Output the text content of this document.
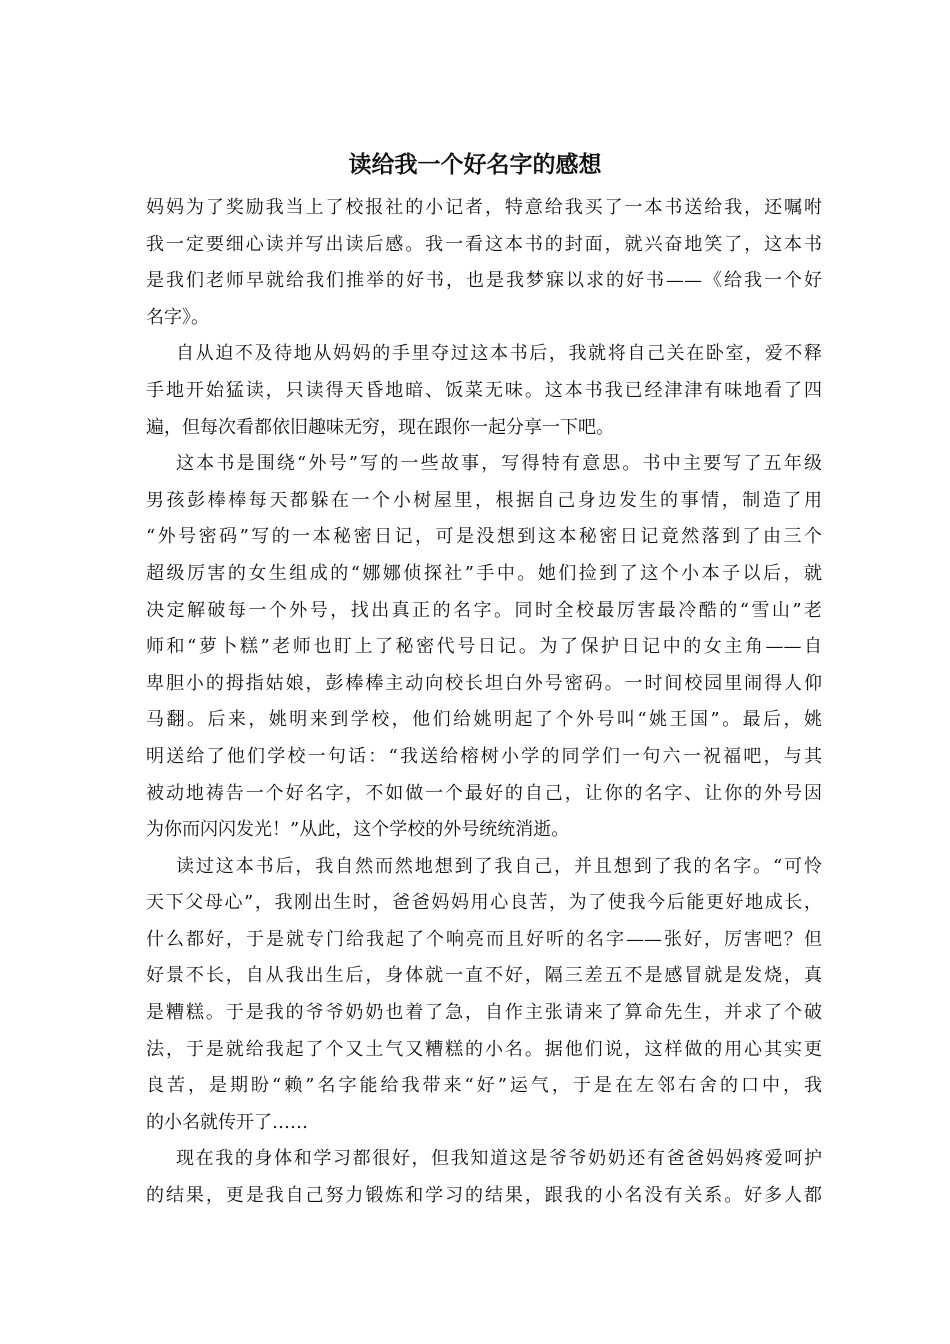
读给我一个好名字的感想
妈妈为了奖励我当上了校报社的小记者，特意给我买了一本书送给我，还嘱咐
我一定要细心读并写出读后感。我一看这本书的封面，就兴奋地笑了，这本书
是我们老师早就给我们推举的好书，也是我梦寐以求的好书——《给我一个好
名字》。
自从迫不及待地从妈妈的手里夺过这本书后，我就将自己关在卧室，爱不释
手地开始猛读，只读得天昏地暗、饭菜无味。这本书我已经津津有味地看了四
遍，但每次看都依旧趣味无穷，现在跟你一起分享一下吧。
这本书是围绕“外号”写的一些故事，写得特有意思。书中主要写了五年级
男孩彭棒棒每天都躲在一个小树屋里，根据自己身边发生的事情，制造了用
“外号密码”写的一本秘密日记，可是没想到这本秘密日记竟然落到了由三个
超级厉害的女生组成的“娜娜侦探社”手中。她们捡到了这个小本子以后，就
决定解破每一个外号，找出真正的名字。同时全校最厉害最冷酷的“雪山”老
师和“萝卜糕”老师也盯上了秘密代号日记。为了保护日记中的女主角——自
卑胆小的拇指姑娘，彭棒棒主动向校长坦白外号密码。一时间校园里闹得人仰
马翻。后来，姚明来到学校，他们给姚明起了个外号叫“姚王国”。最后，姚
明送给了他们学校一句话：“我送给榕树小学的同学们一句六一祝福吧，与其
被动地祷告一个好名字，不如做一个最好的自己，让你的名字、让你的外号因
为你而闪闪发光！”从此，这个学校的外号统统消逝。
读过这本书后，我自然而然地想到了我自己，并且想到了我的名字。“可怜
天下父母心”，我刚出生时，爸爸妈妈用心良苦，为了使我今后能更好地成长，
什么都好，于是就专门给我起了个响亮而且好听的名字——张好，厉害吧？但
好景不长，自从我出生后，身体就一直不好，隔三差五不是感冒就是发烧，真
是糟糕。于是我的爷爷奶奶也着了急，自作主张请来了算命先生，并求了个破
法，于是就给我起了个又土气又糟糕的小名。据他们说，这样做的用心其实更
良苦，是期盼“赖”名字能给我带来“好”运气，于是在左邻右舍的口中，我
的小名就传开了……
现在我的身体和学习都很好，但我知道这是爷爷奶奶还有爸爸妈妈疼爱呵护
的结果，更是我自己努力锻炼和学习的结果，跟我的小名没有关系。好多人都
